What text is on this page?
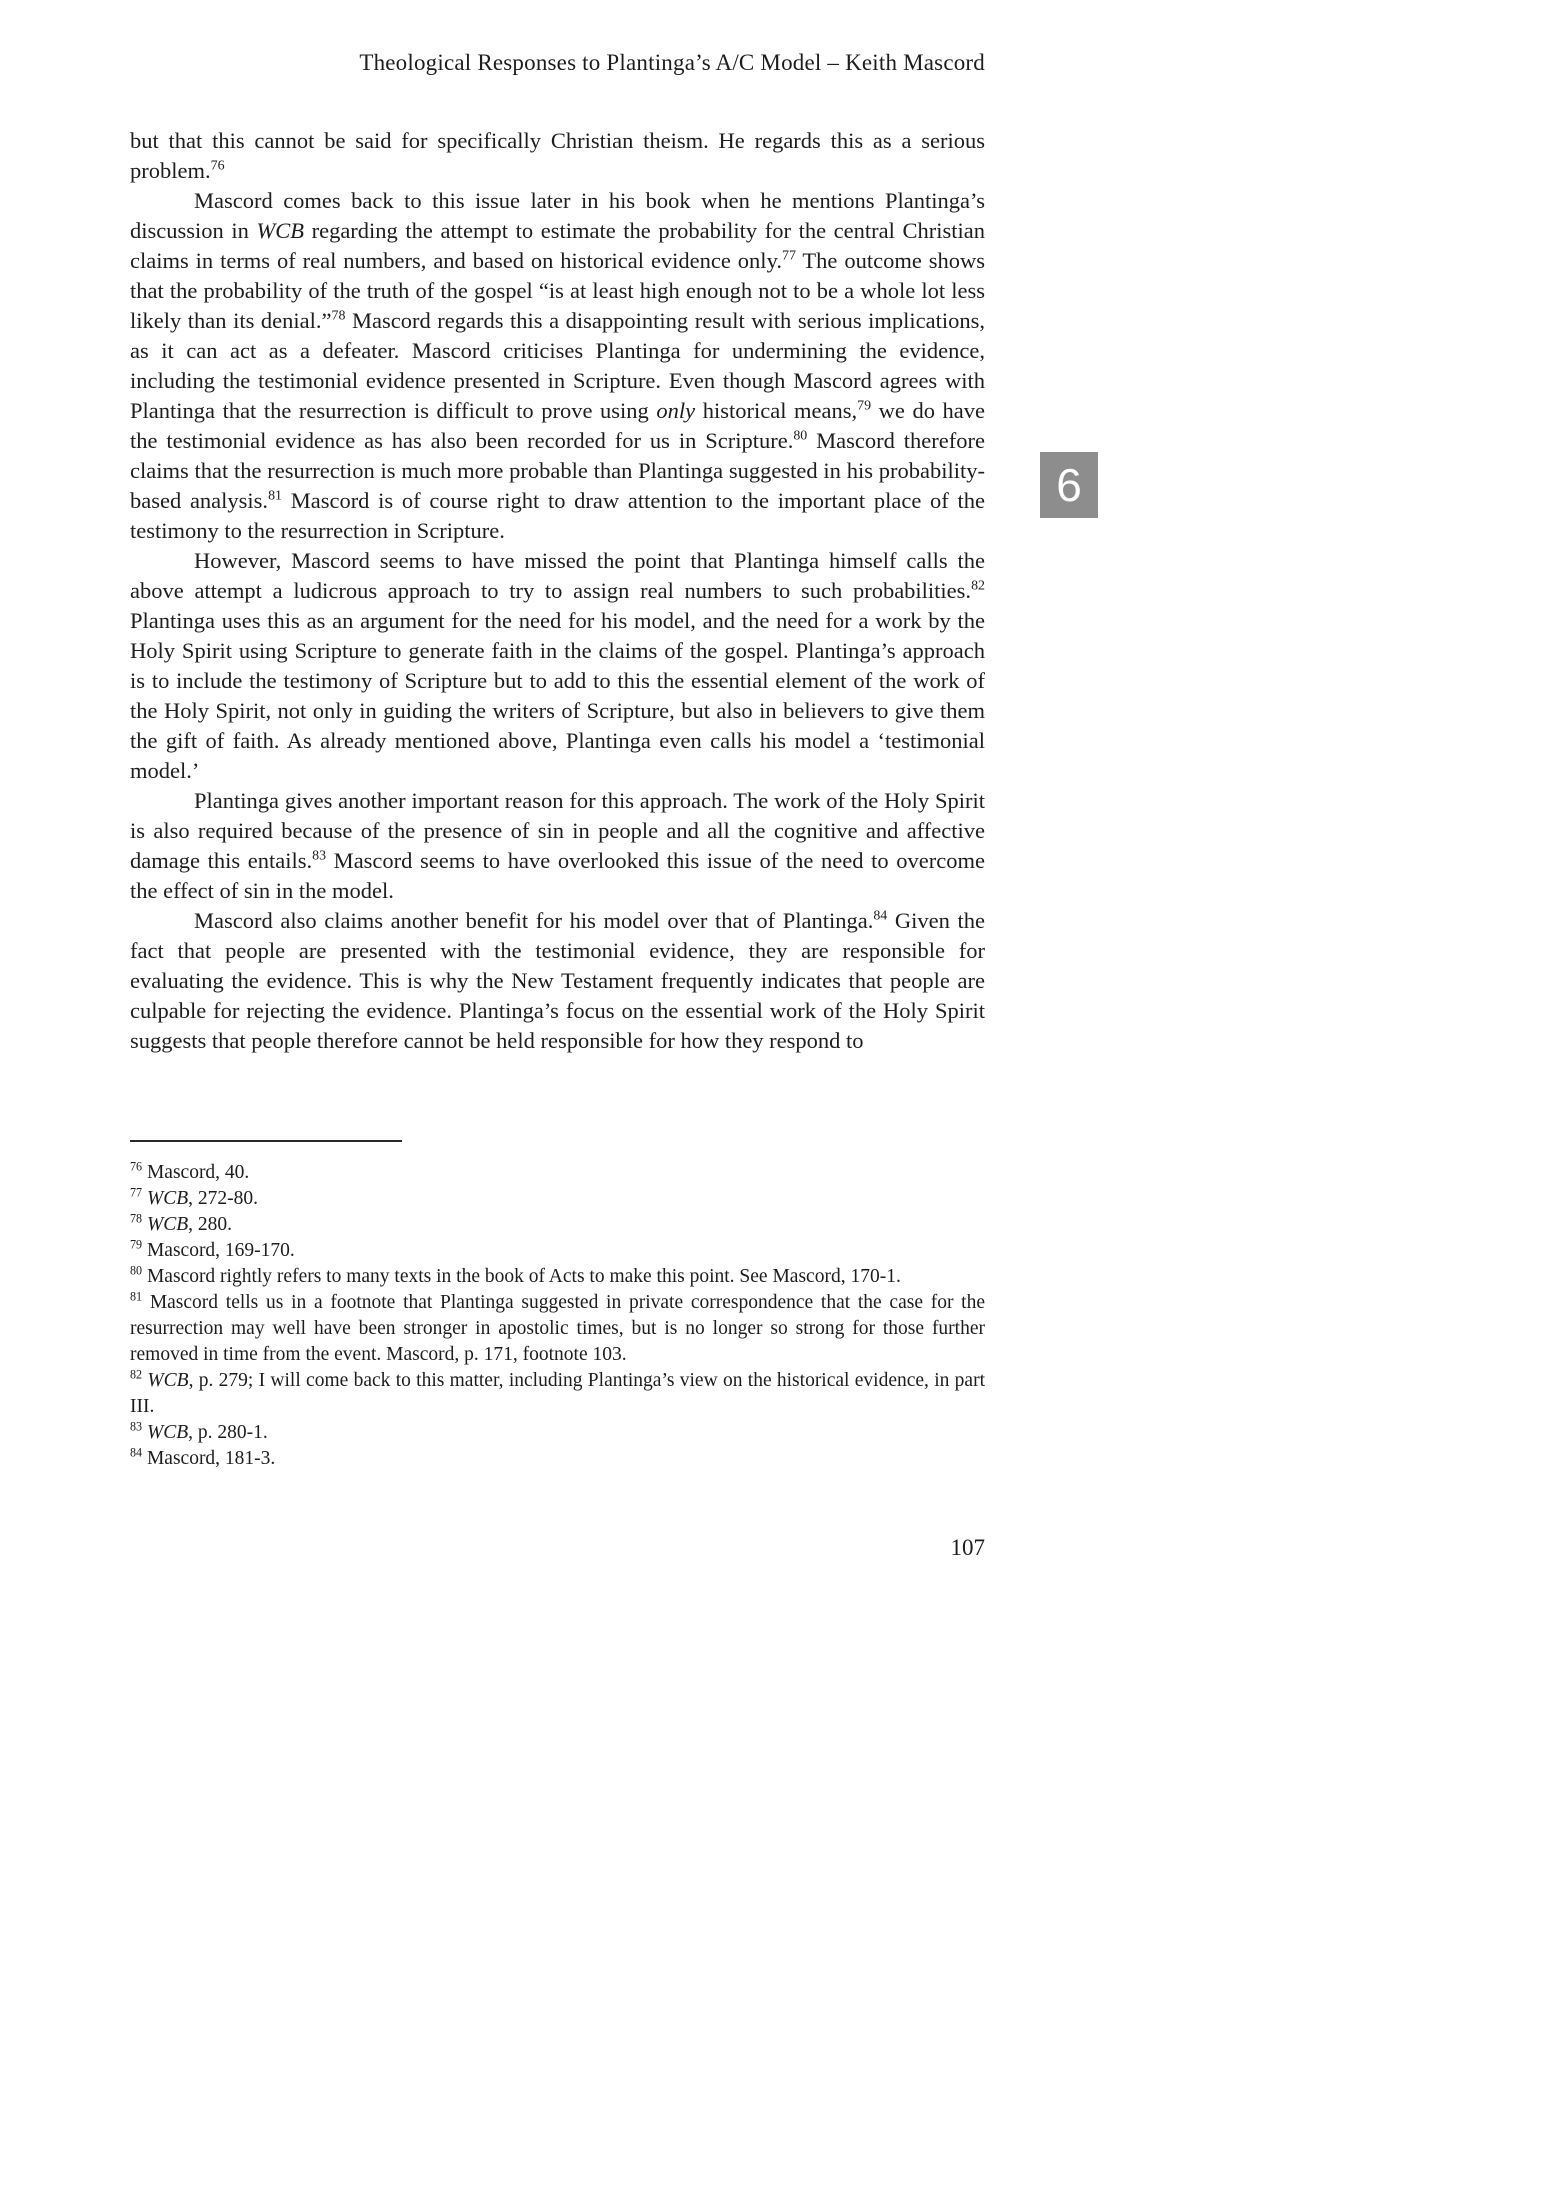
Theological Responses to Plantinga’s A/C Model – Keith Mascord

but that this cannot be said for specifically Christian theism. He regards this as a serious problem.$^{76}$

Mascord comes back to this issue later in his book when he mentions Plantinga’s discussion in WCB regarding the attempt to estimate the probability for the central Christian claims in terms of real numbers, and based on historical evidence only.$^{77}$ The outcome shows that the probability of the truth of the gospel “is at least high enough not to be a whole lot less likely than its denial.”$^{78}$ Mascord regards this a disappointing result with serious implications, as it can act as a defeater. Mascord criticises Plantinga for undermining the evidence, including the testimonial evidence presented in Scripture. Even though Mascord agrees with Plantinga that the resurrection is difficult to prove using only historical means,$^{79}$ we do have the testimonial evidence as has also been recorded for us in Scripture.$^{80}$ Mascord therefore claims that the resurrection is much more probable than Plantinga suggested in his probability-based analysis.$^{81}$ Mascord is of course right to draw attention to the important place of the testimony to the resurrection in Scripture.

However, Mascord seems to have missed the point that Plantinga himself calls the above attempt a ludicrous approach to try to assign real numbers to such probabilities.$^{82}$ Plantinga uses this as an argument for the need for his model, and the need for a work by the Holy Spirit using Scripture to generate faith in the claims of the gospel. Plantinga’s approach is to include the testimony of Scripture but to add to this the essential element of the work of the Holy Spirit, not only in guiding the writers of Scripture, but also in believers to give them the gift of faith. As already mentioned above, Plantinga even calls his model a ‘testimonial model.’

Plantinga gives another important reason for this approach. The work of the Holy Spirit is also required because of the presence of sin in people and all the cognitive and affective damage this entails.$^{83}$ Mascord seems to have overlooked this issue of the need to overcome the effect of sin in the model.

Mascord also claims another benefit for his model over that of Plantinga.$^{84}$ Given the fact that people are presented with the testimonial evidence, they are responsible for evaluating the evidence. This is why the New Testament frequently indicates that people are culpable for rejecting the evidence. Plantinga’s focus on the essential work of the Holy Spirit suggests that people therefore cannot be held responsible for how they respond to

6

$^{76}$ Mascord, 40.

$^{77}$ WCB, 272-80.

$^{78}$ WCB, 280.

$^{79}$ Mascord, 169-170.

$^{80}$ Mascord rightly refers to many texts in the book of Acts to make this point. See Mascord, 170-1.

$^{81}$ Mascord tells us in a footnote that Plantinga suggested in private correspondence that the case for the resurrection may well have been stronger in apostolic times, but is no longer so strong for those further removed in time from the event. Mascord, p. 171, footnote 103.

$^{82}$ WCB, p. 279; I will come back to this matter, including Plantinga’s view on the historical evidence, in part III.

$^{83}$ WCB, p. 280-1.

$^{84}$ Mascord, 181-3.

107
